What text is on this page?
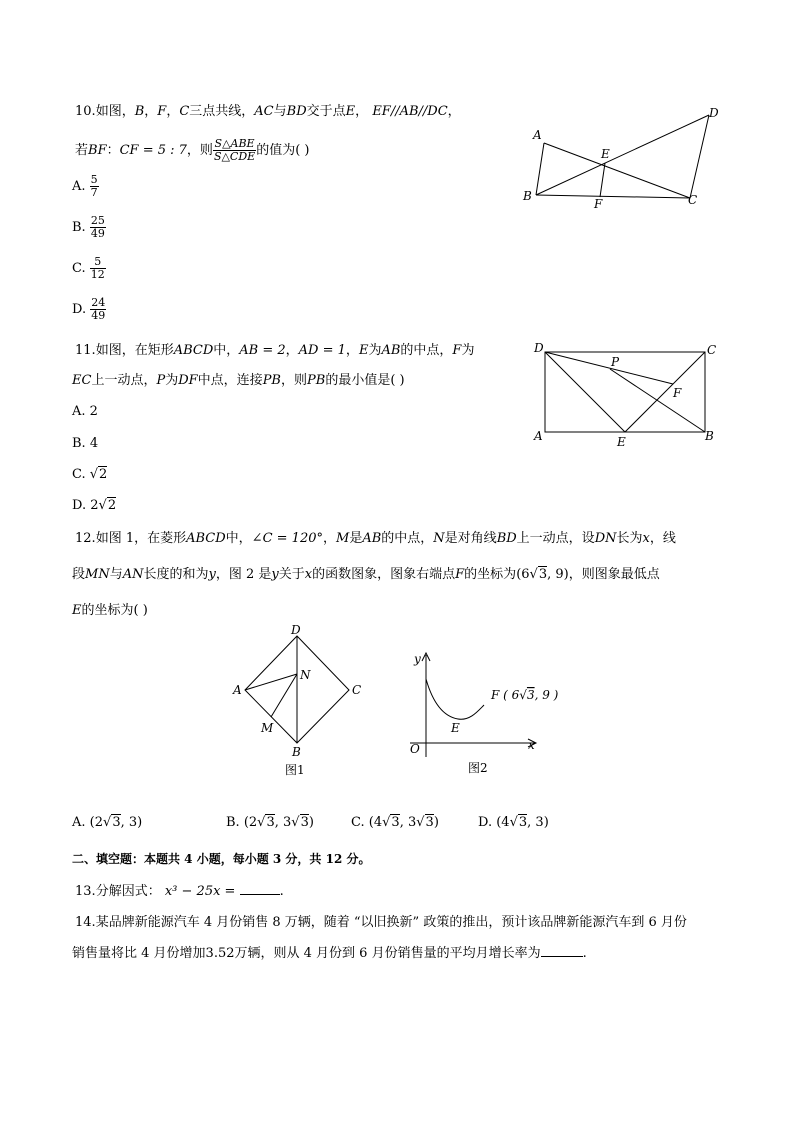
10.如图，B，F，C三点共线，AC与BD交于点E， EF//AB//DC，
若BF：CF = 5 : 7，则 $\frac{\text{S△ABE}}{\text{S△CDE}}$ 的值为( )
A. $\frac{5}{7}$
B. $\frac{25}{49}$
C. $\frac{5}{12}$
D. $\frac{24}{49}$
A
B	C
D
E
F
11.如图，在矩形ABCD中，AB = 2，AD = 1，E为AB的中点，F为
EC上一动点，P为DF中点，连接PB，则PB的最小值是( )
A. 2
B. 4
C. √2
D. 2√2
D	C
A	B
E
F
P
12.如图 1，在菱形ABCD中，∠C = 120°，M是AB的中点，N是对角线BD上一动点，设DN长为x，线
段MN与AN长度的和为y，图 2 是y关于x的函数图象，图象右端点F的坐标为(6√3, 9)，则图象最低点
E的坐标为( )
D
C
A
B
N
M
图1
y
x
O
E
F ( 6√3, 9 )
图2
A. (2√3, 3)	B. (2√3, 3√3)	C. (4√3, 3√3)	D. (4√3, 3)
二、填空题：本题共 4 小题，每小题 3 分，共 12 分。
13.分解因式： x³ − 25x =	.
14.某品牌新能源汽车 4 月份销售 8 万辆，随着 “以旧换新” 政策的推出，预计该品牌新能源汽车到 6 月份
销售量将比 4 月份增加3.52万辆，则从 4 月份到 6 月份销售量的平均月增长率为	.
